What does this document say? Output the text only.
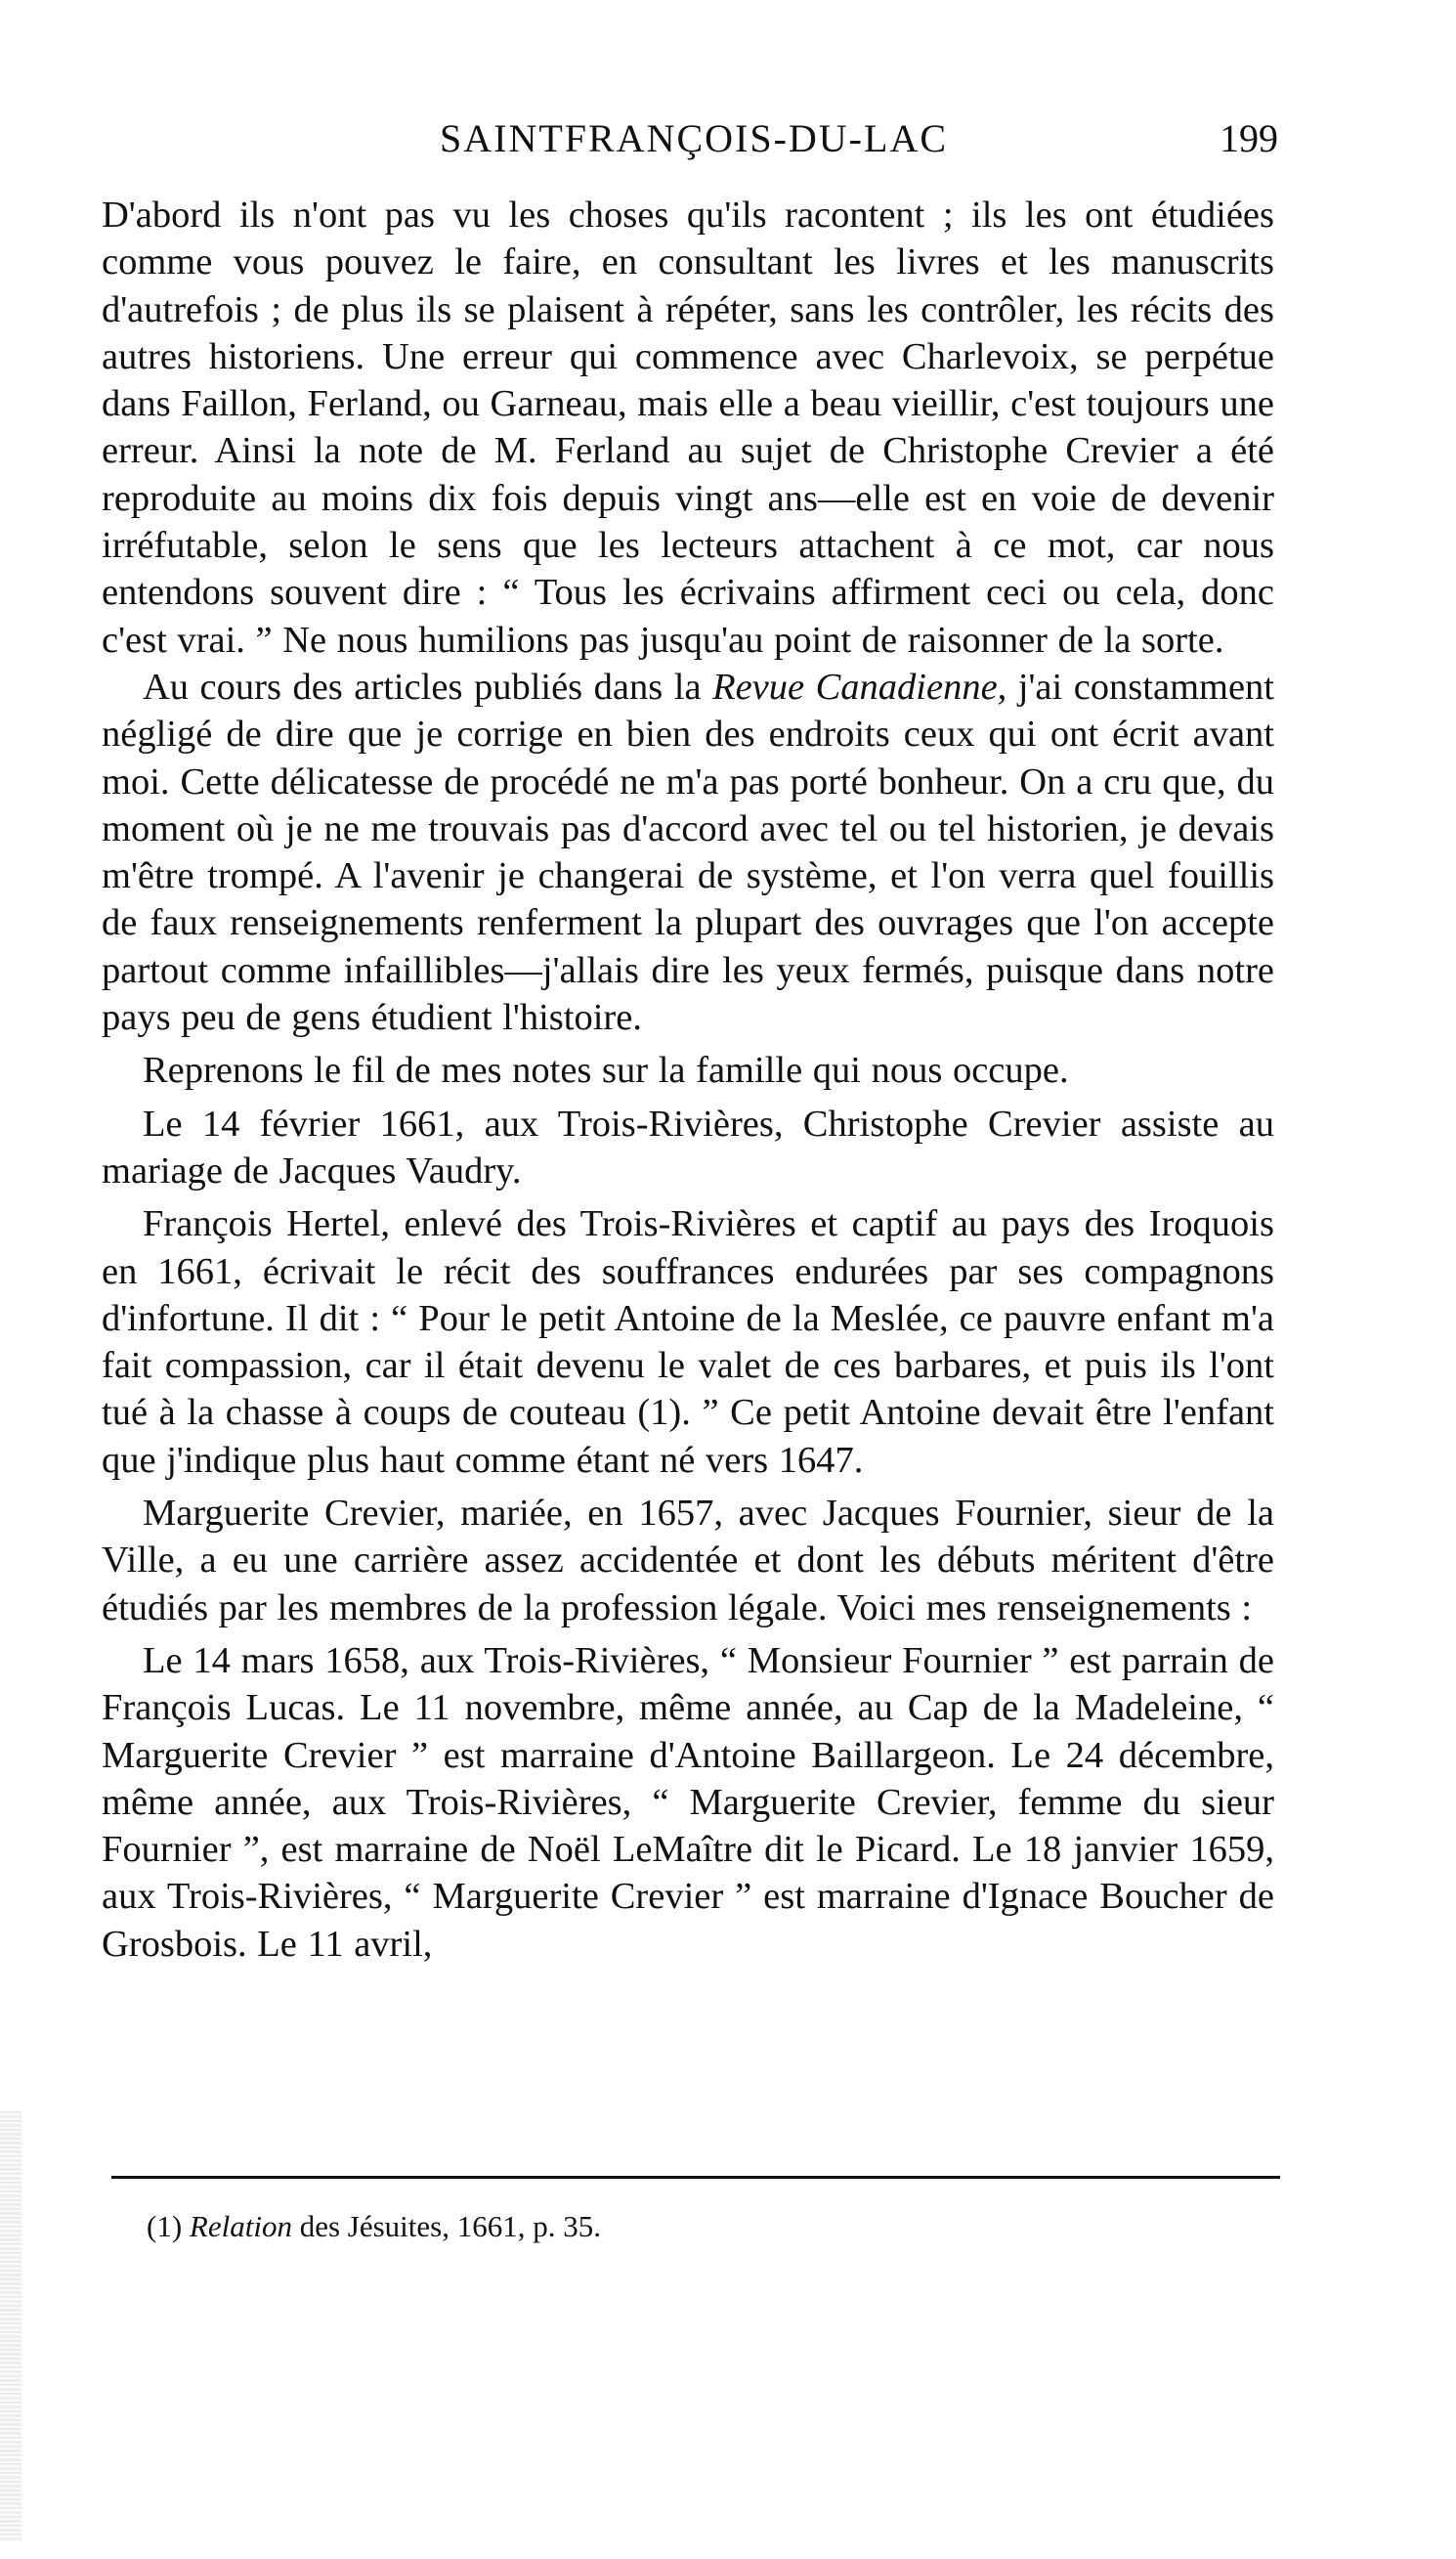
SAINTFRANÇOIS-DU-LAC	199

D'abord ils n'ont pas vu les choses qu'ils racontent ; ils les ont étudiées comme vous pouvez le faire, en consultant les livres et les manuscrits d'autrefois ; de plus ils se plaisent à répéter, sans les contrôler, les récits des autres historiens. Une erreur qui commence avec Charlevoix, se perpétue dans Faillon, Ferland, ou Garneau, mais elle a beau vieillir, c'est toujours une erreur. Ainsi la note de M. Ferland au sujet de Christophe Crevier a été reproduite au moins dix fois depuis vingt ans—elle est en voie de devenir irréfutable, selon le sens que les lecteurs attachent à ce mot, car nous entendons souvent dire : “ Tous les écrivains affirment ceci ou cela, donc c'est vrai. ” Ne nous humilions pas jusqu'au point de raisonner de la sorte.

Au cours des articles publiés dans la Revue Canadienne, j'ai constamment négligé de dire que je corrige en bien des endroits ceux qui ont écrit avant moi. Cette délicatesse de procédé ne m'a pas porté bonheur. On a cru que, du moment où je ne me trouvais pas d'accord avec tel ou tel historien, je devais m'être trompé. A l'avenir je changerai de système, et l'on verra quel fouillis de faux renseignements renferment la plupart des ouvrages que l'on accepte partout comme infaillibles—j'allais dire les yeux fermés, puisque dans notre pays peu de gens étudient l'histoire.

Reprenons le fil de mes notes sur la famille qui nous occupe.

Le 14 février 1661, aux Trois-Rivières, Christophe Crevier assiste au mariage de Jacques Vaudry.

François Hertel, enlevé des Trois-Rivières et captif au pays des Iroquois en 1661, écrivait le récit des souffrances endurées par ses compagnons d'infortune. Il dit : “ Pour le petit Antoine de la Meslée, ce pauvre enfant m'a fait compassion, car il était devenu le valet de ces barbares, et puis ils l'ont tué à la chasse à coups de couteau (1). ” Ce petit Antoine devait être l'enfant que j'indique plus haut comme étant né vers 1647.

Marguerite Crevier, mariée, en 1657, avec Jacques Fournier, sieur de la Ville, a eu une carrière assez accidentée et dont les débuts méritent d'être étudiés par les membres de la profession légale. Voici mes renseignements :

Le 14 mars 1658, aux Trois-Rivières, “ Monsieur Fournier ” est parrain de François Lucas. Le 11 novembre, même année, au Cap de la Madeleine, “ Marguerite Crevier ” est marraine d'Antoine Baillargeon. Le 24 décembre, même année, aux Trois-Rivières, “ Marguerite Crevier, femme du sieur Fournier ”, est marraine de Noël LeMaître dit le Picard. Le 18 janvier 1659, aux Trois-Rivières, “ Marguerite Crevier ” est marraine d'Ignace Boucher de Grosbois. Le 11 avril,

(1) Relation des Jésuites, 1661, p. 35.
